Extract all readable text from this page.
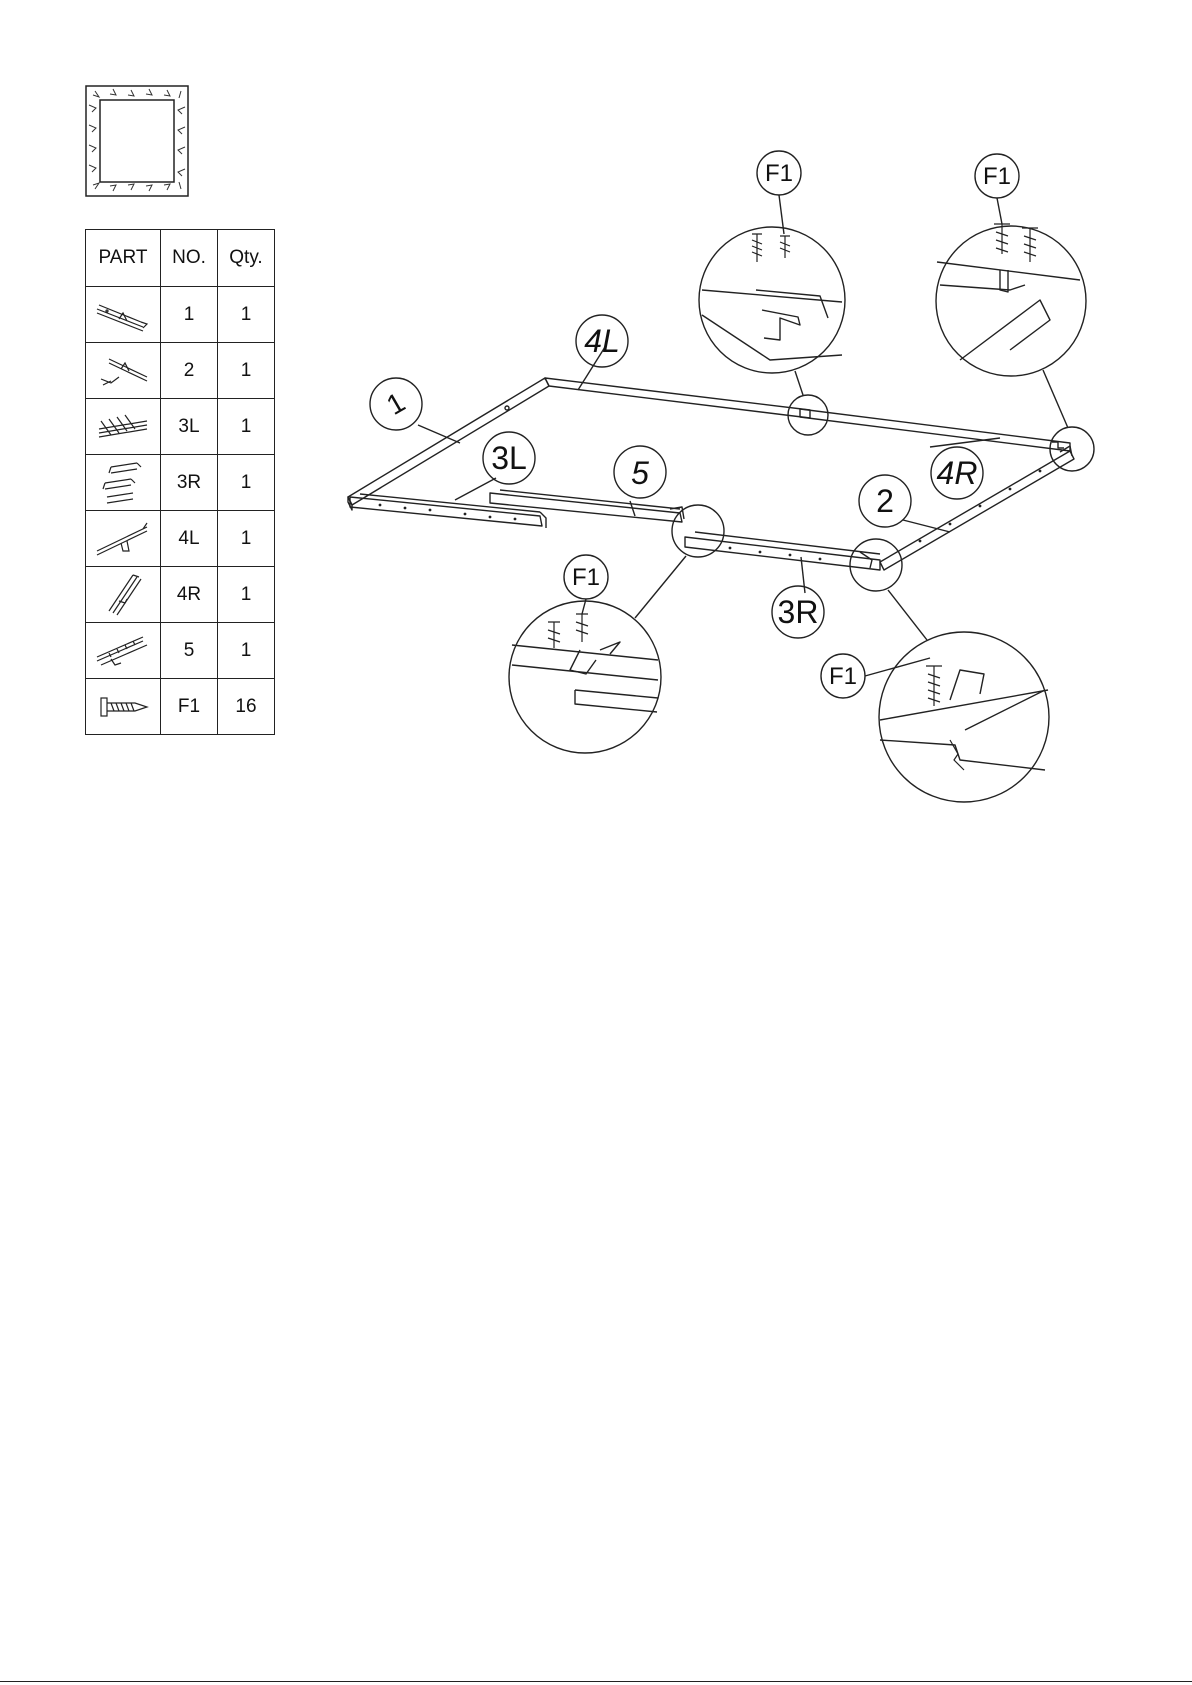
PART	NO.	Qty.

	1	1

	2	1

	3L	1

	3R	1

	4L	1

	4R	1

	5	1

	F1	16
1
4L
3L	5	4R
2
3R
F1	F1
F1
F1
